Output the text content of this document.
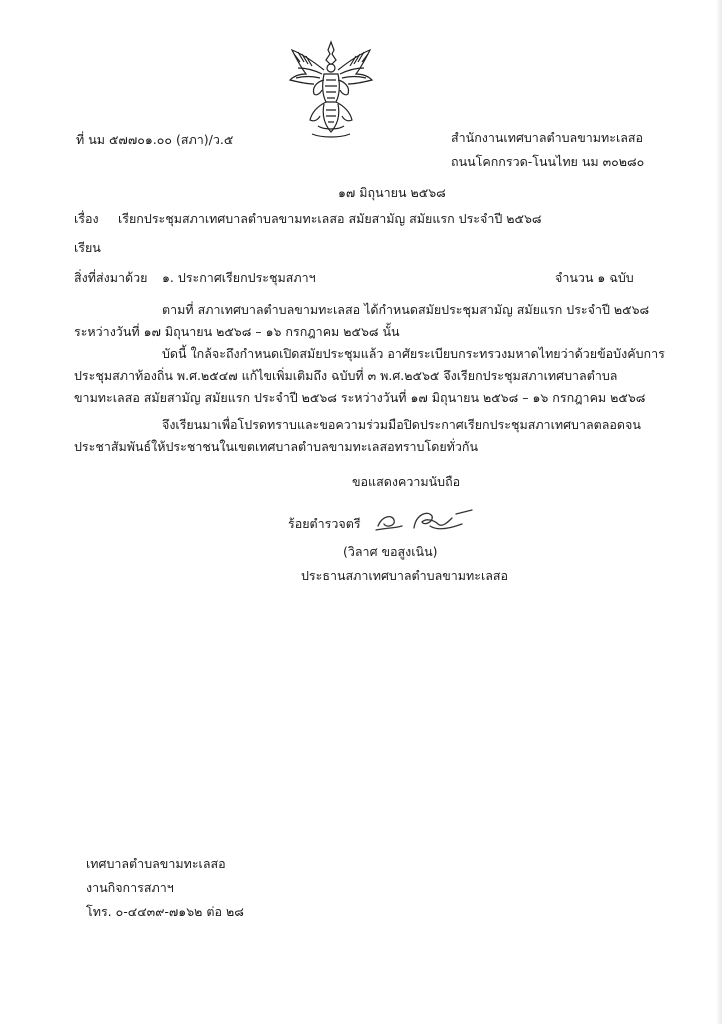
ที่ นม ๕๗๗๐๑.๐๐ (สภา)/ว.๕	สำนักงานเทศบาลตำบลขามทะเลสอ
ถนนโคกกรวด-โนนไทย นม ๓๐๒๘๐
๑๗ มิถุนายน ๒๕๖๘
เรื่อง เรียกประชุมสภาเทศบาลตำบลขามทะเลสอ สมัยสามัญ สมัยแรก ประจำปี ๒๕๖๘
เรียน
สิ่งที่ส่งมาด้วย ๑. ประกาศเรียกประชุมสภาฯ	จำนวน ๑ ฉบับ
ตามที่ สภาเทศบาลตำบลขามทะเลสอ ได้กำหนดสมัยประชุมสามัญ สมัยแรก ประจำปี ๒๕๖๘
ระหว่างวันที่ ๑๗ มิถุนายน ๒๕๖๘ – ๑๖ กรกฎาคม ๒๕๖๘ นั้น
บัดนี้ ใกล้จะถึงกำหนดเปิดสมัยประชุมแล้ว อาศัยระเบียบกระทรวงมหาดไทยว่าด้วยข้อบังคับการ
ประชุมสภาท้องถิ่น พ.ศ.๒๕๔๗ แก้ไขเพิ่มเติมถึง ฉบับที่ ๓ พ.ศ.๒๕๖๕ จึงเรียกประชุมสภาเทศบาลตำบล
ขามทะเลสอ สมัยสามัญ สมัยแรก ประจำปี ๒๕๖๘ ระหว่างวันที่ ๑๗ มิถุนายน ๒๕๖๘ – ๑๖ กรกฎาคม ๒๕๖๘
จึงเรียนมาเพื่อโปรดทราบและขอความร่วมมือปิดประกาศเรียกประชุมสภาเทศบาลตลอดจน
ประชาสัมพันธ์ให้ประชาชนในเขตเทศบาลตำบลขามทะเลสอทราบโดยทั่วกัน
ขอแสดงความนับถือ
ร้อยตำรวจตรี
(วิลาศ ขอสูงเนิน)
ประธานสภาเทศบาลตำบลขามทะเลสอ
เทศบาลตำบลขามทะเลสอ
งานกิจการสภาฯ
โทร. ๐-๔๔๓๙-๗๑๖๒ ต่อ ๒๘
